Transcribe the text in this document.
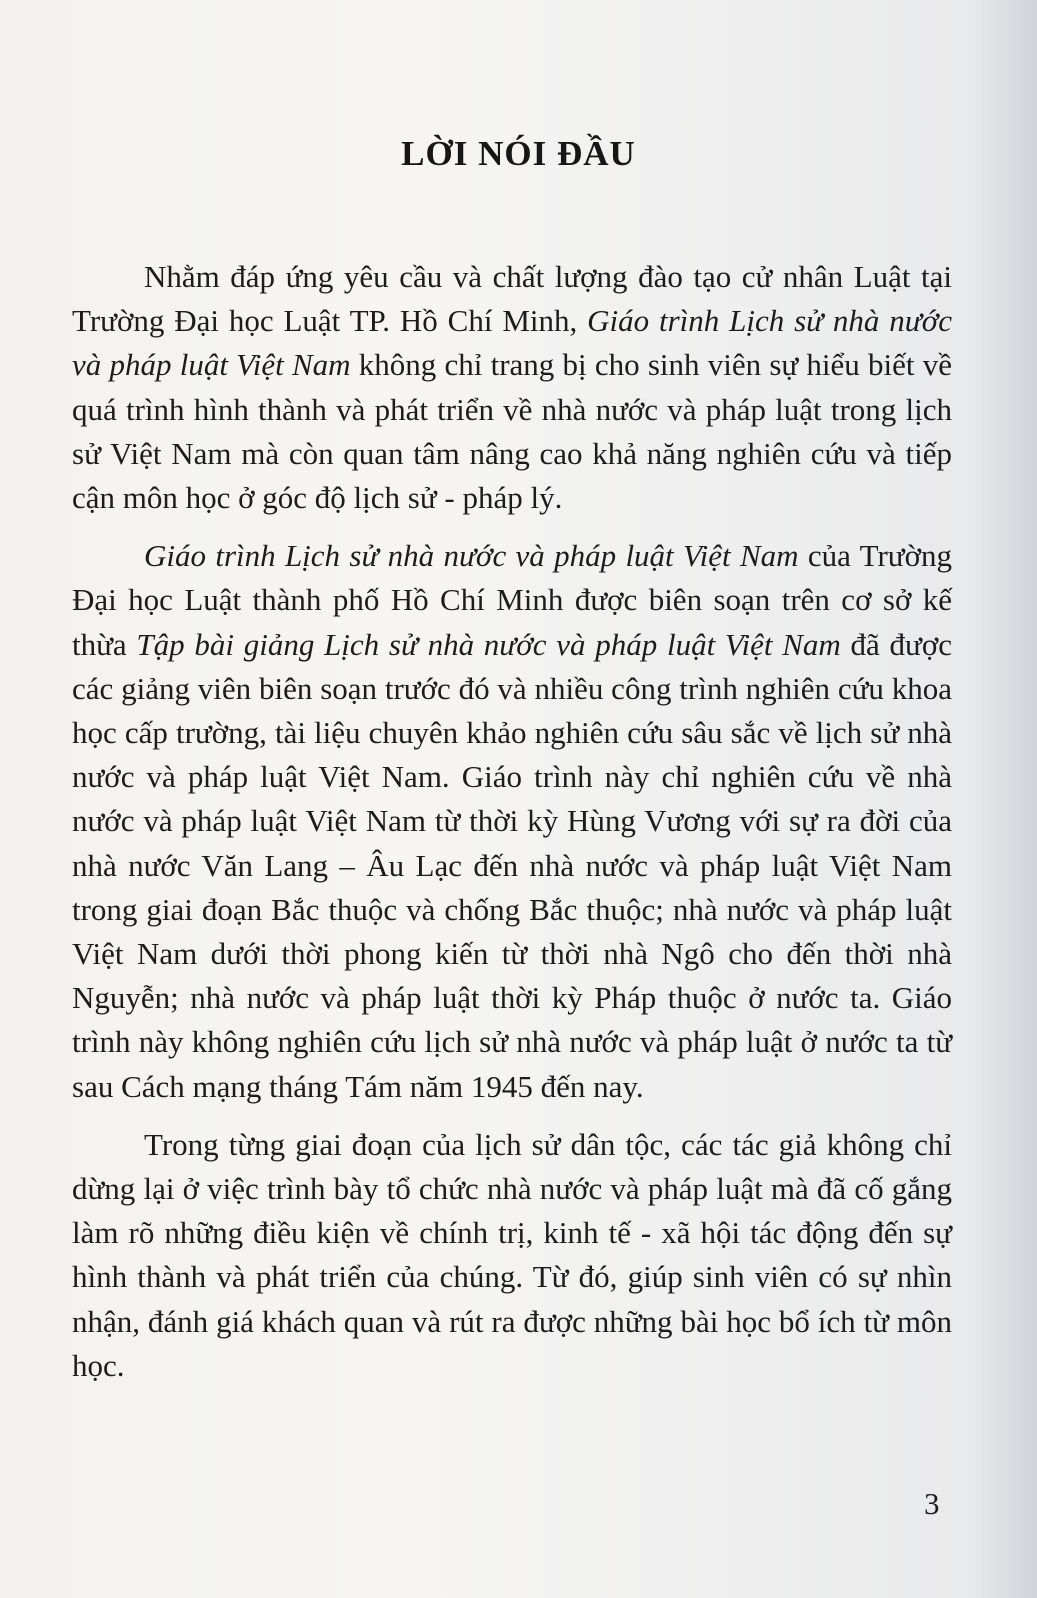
LỜI NÓI ĐẦU

Nhằm đáp ứng yêu cầu và chất lượng đào tạo cử nhân Luật tại Trường Đại học Luật TP. Hồ Chí Minh, Giáo trình Lịch sử nhà nước và pháp luật Việt Nam không chỉ trang bị cho sinh viên sự hiểu biết về quá trình hình thành và phát triển về nhà nước và pháp luật trong lịch sử Việt Nam mà còn quan tâm nâng cao khả năng nghiên cứu và tiếp cận môn học ở góc độ lịch sử - pháp lý.

Giáo trình Lịch sử nhà nước và pháp luật Việt Nam của Trường Đại học Luật thành phố Hồ Chí Minh được biên soạn trên cơ sở kế thừa Tập bài giảng Lịch sử nhà nước và pháp luật Việt Nam đã được các giảng viên biên soạn trước đó và nhiều công trình nghiên cứu khoa học cấp trường, tài liệu chuyên khảo nghiên cứu sâu sắc về lịch sử nhà nước và pháp luật Việt Nam. Giáo trình này chỉ nghiên cứu về nhà nước và pháp luật Việt Nam từ thời kỳ Hùng Vương với sự ra đời của nhà nước Văn Lang – Âu Lạc đến nhà nước và pháp luật Việt Nam trong giai đoạn Bắc thuộc và chống Bắc thuộc; nhà nước và pháp luật Việt Nam dưới thời phong kiến từ thời nhà Ngô cho đến thời nhà Nguyễn; nhà nước và pháp luật thời kỳ Pháp thuộc ở nước ta. Giáo trình này không nghiên cứu lịch sử nhà nước và pháp luật ở nước ta từ sau Cách mạng tháng Tám năm 1945 đến nay.

Trong từng giai đoạn của lịch sử dân tộc, các tác giả không chỉ dừng lại ở việc trình bày tổ chức nhà nước và pháp luật mà đã cố gắng làm rõ những điều kiện về chính trị, kinh tế - xã hội tác động đến sự hình thành và phát triển của chúng. Từ đó, giúp sinh viên có sự nhìn nhận, đánh giá khách quan và rút ra được những bài học bổ ích từ môn học.

3
